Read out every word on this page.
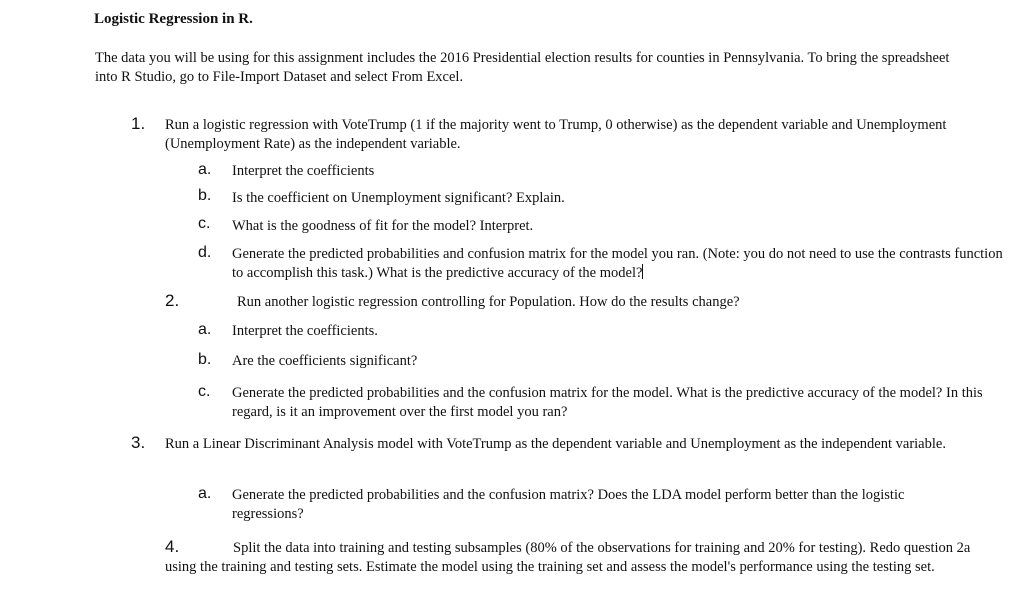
Logistic Regression in R.
The data you will be using for this assignment includes the 2016 Presidential election results for counties in Pennsylvania. To bring the spreadsheet into R Studio, go to File-Import Dataset and select From Excel.
1. Run a logistic regression with VoteTrump (1 if the majority went to Trump, 0 otherwise) as the dependent variable and Unemployment (Unemployment Rate) as the independent variable.
a. Interpret the coefficients
b. Is the coefficient on Unemployment significant? Explain.
c. What is the goodness of fit for the model? Interpret.
d. Generate the predicted probabilities and confusion matrix for the model you ran. (Note: you do not need to use the contrasts function to accomplish this task.) What is the predictive accuracy of the model?
2.	Run another logistic regression controlling for Population. How do the results change?
a. Interpret the coefficients.
b. Are the coefficients significant?
c. Generate the predicted probabilities and the confusion matrix for the model. What is the predictive accuracy of the model? In this regard, is it an improvement over the first model you ran?
3. Run a Linear Discriminant Analysis model with VoteTrump as the dependent variable and Unemployment as the independent variable.
a. Generate the predicted probabilities and the confusion matrix? Does the LDA model perform better than the logistic regressions?
4.	Split the data into training and testing subsamples (80% of the observations for training and 20% for testing). Redo question 2a using the training and testing sets. Estimate the model using the training set and assess the model's performance using the testing set.
